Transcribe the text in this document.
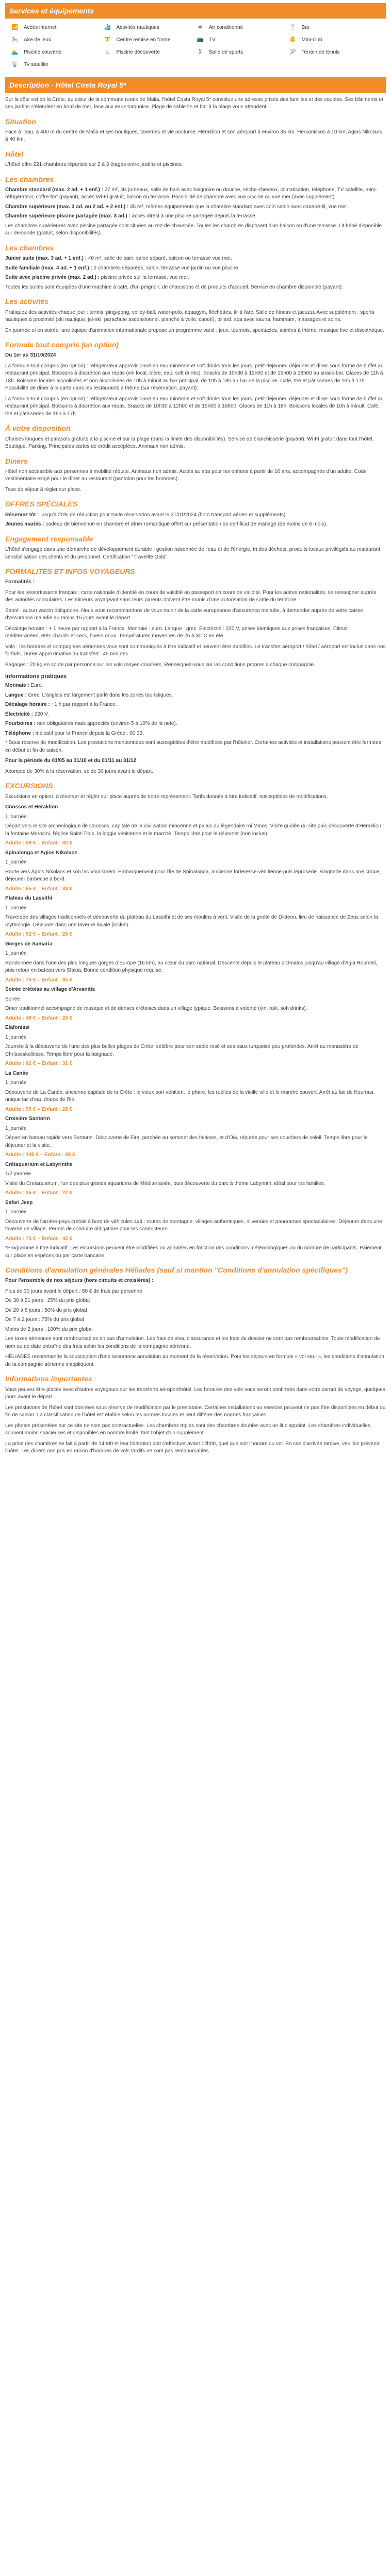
Services et équipements
📶 Accès internet	🏄 Activités nautiques	❄	Air conditionné	🍸 Bar
🎠 Aire de jeux	🏋 Centre remise en forme	📺 TV	👶 Mini-club
🏊 Piscine couverte	♨	Piscine découverte	🏃 Salle de sports	🎾 Terrain de tennis
📡 Tv satellite
Description - Hôtel Costa Royal 5*

Sur la côte est de la Crète, au cœur de la commune rurale de Malia, l'hôtel Costa Royal 5* constitue une adresse prisée des familles et des couples. Ses bâtiments et ses jardins s'étendent en bord de mer, face aux eaux turquoise. Plage de sable fin et bar à la plage vous attendent.

Situation

Face à l'eau, à 400 m du centre de Malia et ses boutiques, tavernes et vie nocturne. Héraklion et son aéroport à environ 35 km. Hersonissos à 10 km, Agios Nikolaos à 40 km.

Hôtel

L'hôtel offre 221 chambres réparties sur 2 à 3 étages entre jardins et piscines.

Les chambres

Chambre standard (max. 2 ad. + 1 enf.) : 27 m², lits jumeaux, salle de bain avec baignoire ou douche, sèche-cheveux, climatisation, téléphone, TV satellite, mini-réfrigérateur, coffre-fort (payant), accès Wi-Fi gratuit, balcon ou terrasse. Possibilité de chambre avec vue piscine ou vue mer (avec supplément).

Chambre supérieure (max. 3 ad. ou 2 ad. + 2 enf.) : 35 m², mêmes équipements que la chambre standard avec coin salon avec canapé-lit, vue mer.

Chambre supérieure piscine partagée (max. 3 ad.) : accès direct à une piscine partagée depuis la terrasse.

Les chambres supérieures avec piscine partagée sont situées au rez-de-chaussée. Toutes les chambres disposent d'un balcon ou d'une terrasse. Lit bébé disponible sur demande (gratuit, selon disponibilités).

Les chambres

Junior suite (max. 3 ad. + 1 enf.) : 40 m², salle de bain, salon séparé, balcon ou terrasse vue mer.

Suite familiale (max. 4 ad. + 1 enf.) : 2 chambres séparées, salon, terrasse vue jardin ou vue piscine.

Suite avec piscine privée (max. 2 ad.) : piscine privée sur la terrasse, vue mer.

Toutes les suites sont équipées d'une machine à café, d'un peignoir, de chaussons et de produits d'accueil. Service en chambre disponible (payant).

Les activités

Pratiquez des activités chaque jour : tennis, ping-pong, volley-ball, water-polo, aquagym, fléchettes, tir à l'arc. Salle de fitness et jacuzzi. Avec supplément : sports nautiques à proximité (ski nautique, jet-ski, parachute ascensionnel, planche à voile, canoë), billard, spa avec sauna, hammam, massages et soins.

En journée et en soirée, une équipe d'animation internationale propose un programme varié : jeux, tournois, spectacles, soirées à thème, musique live et discothèque.

Formule tout compris (en option)

Du 1er au 31/10/2024

La formule tout compris (en option) : réfrigérateur approvisionné en eau minérale et soft drinks tous les jours, petit-déjeuner, déjeuner et dîner sous forme de buffet au restaurant principal. Boissons à discrétion aux repas (vin local, bière, eau, soft drinks). Snacks de 10h30 à 12h00 et de 15h00 à 18h00 au snack-bar. Glaces de 11h à 18h. Boissons locales alcoolisées et non alcoolisées de 10h à minuit au bar principal, de 10h à 18h au bar de la piscine. Café, thé et pâtisseries de 16h à 17h. Possibilité de dîner à la carte dans les restaurants à thème (sur réservation, payant).

La formule tout compris (en option) : réfrigérateur approvisionné en eau minérale et soft drinks tous les jours, petit-déjeuner, déjeuner et dîner sous forme de buffet au restaurant principal. Boissons à discrétion aux repas. Snacks de 10h30 à 12h00 et de 15h00 à 18h00. Glaces de 11h à 18h. Boissons locales de 10h à minuit. Café, thé et pâtisseries de 16h à 17h.

À votre disposition

Chaises longues et parasols gratuits à la piscine et sur la plage (dans la limite des disponibilités). Service de blanchisserie (payant). Wi-Fi gratuit dans tout l'hôtel. Boutique. Parking. Principales cartes de crédit acceptées. Animaux non admis.

Diners

Hôtel non accessible aux personnes à mobilité réduite. Animaux non admis. Accès au spa pour les enfants à partir de 16 ans, accompagnés d'un adulte. Code vestimentaire exigé pour le dîner au restaurant (pantalon pour les hommes).

Taxe de séjour à régler sur place.

OFFRES SPÉCIALES

Réservez tôt : jusqu'à 20% de réduction pour toute réservation avant le 31/01/2024 (hors transport aérien et suppléments).

Jeunes mariés : cadeau de bienvenue en chambre et dîner romantique offert sur présentation du certificat de mariage (de moins de 6 mois).

Engagement responsable

L'hôtel s'engage dans une démarche de développement durable : gestion raisonnée de l'eau et de l'énergie, tri des déchets, produits locaux privilégiés au restaurant, sensibilisation des clients et du personnel. Certification "Travelife Gold".

FORMALITÉS ET INFOS VOYAGEURS

Formalités :

Pour les ressortissants français : carte nationale d'identité en cours de validité ou passeport en cours de validité. Pour les autres nationalités, se renseigner auprès des autorités consulaires. Les mineurs voyageant sans leurs parents doivent être munis d'une autorisation de sortie du territoire.

Santé : aucun vaccin obligatoire. Nous vous recommandons de vous munir de la carte européenne d'assurance maladie, à demander auprès de votre caisse d'assurance maladie au moins 15 jours avant le départ.

Décalage horaire : + 1 heure par rapport à la France. Monnaie : euro. Langue : grec. Électricité : 220 V, prises identiques aux prises françaises. Climat : méditerranéen, étés chauds et secs, hivers doux. Températures moyennes de 25 à 30°C en été.

Vols : les horaires et compagnies aériennes vous sont communiqués à titre indicatif et peuvent être modifiés. Le transfert aéroport / hôtel / aéroport est inclus dans nos forfaits. Durée approximative du transfert : 45 minutes.

Bagages : 20 kg en soute par personne sur les vols moyen-courriers. Renseignez-vous sur les conditions propres à chaque compagnie.

Informations pratiques

Monnaie : Euro.

Langue : Grec. L'anglais est largement parlé dans les zones touristiques.

Décalage horaire : +1 h par rapport à la France.

Électricité : 220 V.

Pourboires : non obligatoires mais appréciés (environ 5 à 10% de la note).

Téléphone : indicatif pour la France depuis la Grèce : 00 33.

* Sous réserve de modification. Les prestations mentionnées sont susceptibles d'être modifiées par l'hôtelier. Certaines activités et installations peuvent être fermées en début et fin de saison.

Pour la période du 01/05 au 31/10 et du 01/11 au 31/12

Acompte de 30% à la réservation, solde 30 jours avant le départ.

EXCURSIONS

Excursions en option, à réserver et régler sur place auprès de notre représentant. Tarifs donnés à titre indicatif, susceptibles de modifications.

Cnossos et Héraklion

1 journée

Départ vers le site archéologique de Cnossos, capitale de la civilisation minoenne et palais du légendaire roi Minos. Visite guidée du site puis découverte d'Héraklion : la fontaine Morosini, l'église Saint-Titus, la loggia vénitienne et le marché. Temps libre pour le déjeuner (non inclus).

Adulte : 59 € – Enfant : 30 €

Spinalonga et Agios Nikolaos

1 journée

Route vers Agios Nikolaos et son lac Voulismeni. Embarquement pour l'île de Spinalonga, ancienne forteresse vénitienne puis léproserie. Baignade dans une crique, déjeuner barbecue à bord.

Adulte : 65 € – Enfant : 33 €

Plateau du Lassithi

1 journée

Traversée des villages traditionnels et découverte du plateau du Lassithi et de ses moulins à vent. Visite de la grotte de Dikteon, lieu de naissance de Zeus selon la mythologie. Déjeuner dans une taverne locale (inclus).

Adulte : 52 € – Enfant : 26 €

Gorges de Samaria

1 journée

Randonnée dans l'une des plus longues gorges d'Europe (16 km), au cœur du parc national. Descente depuis le plateau d'Omalos jusqu'au village d'Agia Roumeli, puis retour en bateau vers Sfakia. Bonne condition physique requise.

Adulte : 70 € – Enfant : 35 €

Soirée crétoise au village d'Arvanitis

Soirée

Dîner traditionnel accompagné de musique et de danses crétoises dans un village typique. Boissons à volonté (vin, raki, soft drinks).

Adulte : 48 € – Enfant : 24 €

Elafonissi

1 journée

Journée à la découverte de l'une des plus belles plages de Crète, célèbre pour son sable rosé et ses eaux turquoise peu profondes. Arrêt au monastère de Chrissoskalitissa. Temps libre pour la baignade.

Adulte : 62 € – Enfant : 31 €

La Canée

1 journée

Découverte de La Canée, ancienne capitale de la Crète : le vieux port vénitien, le phare, les ruelles de la vieille ville et le marché couvert. Arrêt au lac de Kournas, unique lac d'eau douce de l'île.

Adulte : 55 € – Enfant : 28 €

Croisière Santorin

1 journée

Départ en bateau rapide vers Santorin. Découverte de Fira, perchée au sommet des falaises, et d'Oia, réputée pour ses couchers de soleil. Temps libre pour le déjeuner et la visite.

Adulte : 145 € – Enfant : 95 €

Crétaquarium et Labyrinthe

1/2 journée

Visite du Cretaquarium, l'un des plus grands aquariums de Méditerranée, puis découverte du parc à thème Labyrinth, idéal pour les familles.

Adulte : 35 € – Enfant : 22 €

Safari Jeep

1 journée

Découverte de l'arrière-pays crétois à bord de véhicules 4x4 : routes de montagne, villages authentiques, oliveraies et panoramas spectaculaires. Déjeuner dans une taverne de village. Permis de conduire obligatoire pour les conducteurs.

Adulte : 75 € – Enfant : 45 €

*Programme à titre indicatif. Les excursions peuvent être modifiées ou annulées en fonction des conditions météorologiques ou du nombre de participants. Paiement sur place en espèces ou par carte bancaire.

Conditions d'annulation générales Héliades (sauf si mention "Conditions d'annulation spécifiques")

Pour l'ensemble de nos séjours (hors circuits et croisières) :

Plus de 30 jours avant le départ : 50 € de frais par personne

De 30 à 21 jours : 25% du prix global

De 20 à 8 jours : 50% du prix global

De 7 à 2 jours : 75% du prix global

Moins de 2 jours : 100% du prix global

Les taxes aériennes sont remboursables en cas d'annulation. Les frais de visa, d'assurance et les frais de dossier ne sont pas remboursables. Toute modification de nom ou de date entraîne des frais selon les conditions de la compagnie aérienne.

HÉLIADES recommande la souscription d'une assurance annulation au moment de la réservation. Pour les séjours en formule « vol seul », les conditions d'annulation de la compagnie aérienne s'appliquent.

Informations importantes

Vous pouvez être placés avec d'autres voyageurs sur les transferts aéroport/hôtel. Les horaires des vols vous seront confirmés dans votre carnet de voyage, quelques jours avant le départ.

Les prestations de l'hôtel sont données sous réserve de modification par le prestataire. Certaines installations ou services peuvent ne pas être disponibles en début ou fin de saison. La classification de l'hôtel est établie selon les normes locales et peut différer des normes françaises.

Les photos présentées sur ce site ne sont pas contractuelles. Les chambres triples sont des chambres doubles avec un lit d'appoint. Les chambres individuelles, souvent moins spacieuses et disponibles en nombre limité, font l'objet d'un supplément.

La prise des chambres se fait à partir de 14h00 et leur libération doit s'effectuer avant 12h00, quel que soit l'horaire du vol. En cas d'arrivée tardive, veuillez prévenir l'hôtel. Les dîners non pris en raison d'horaires de vols tardifs ne sont pas remboursables.
